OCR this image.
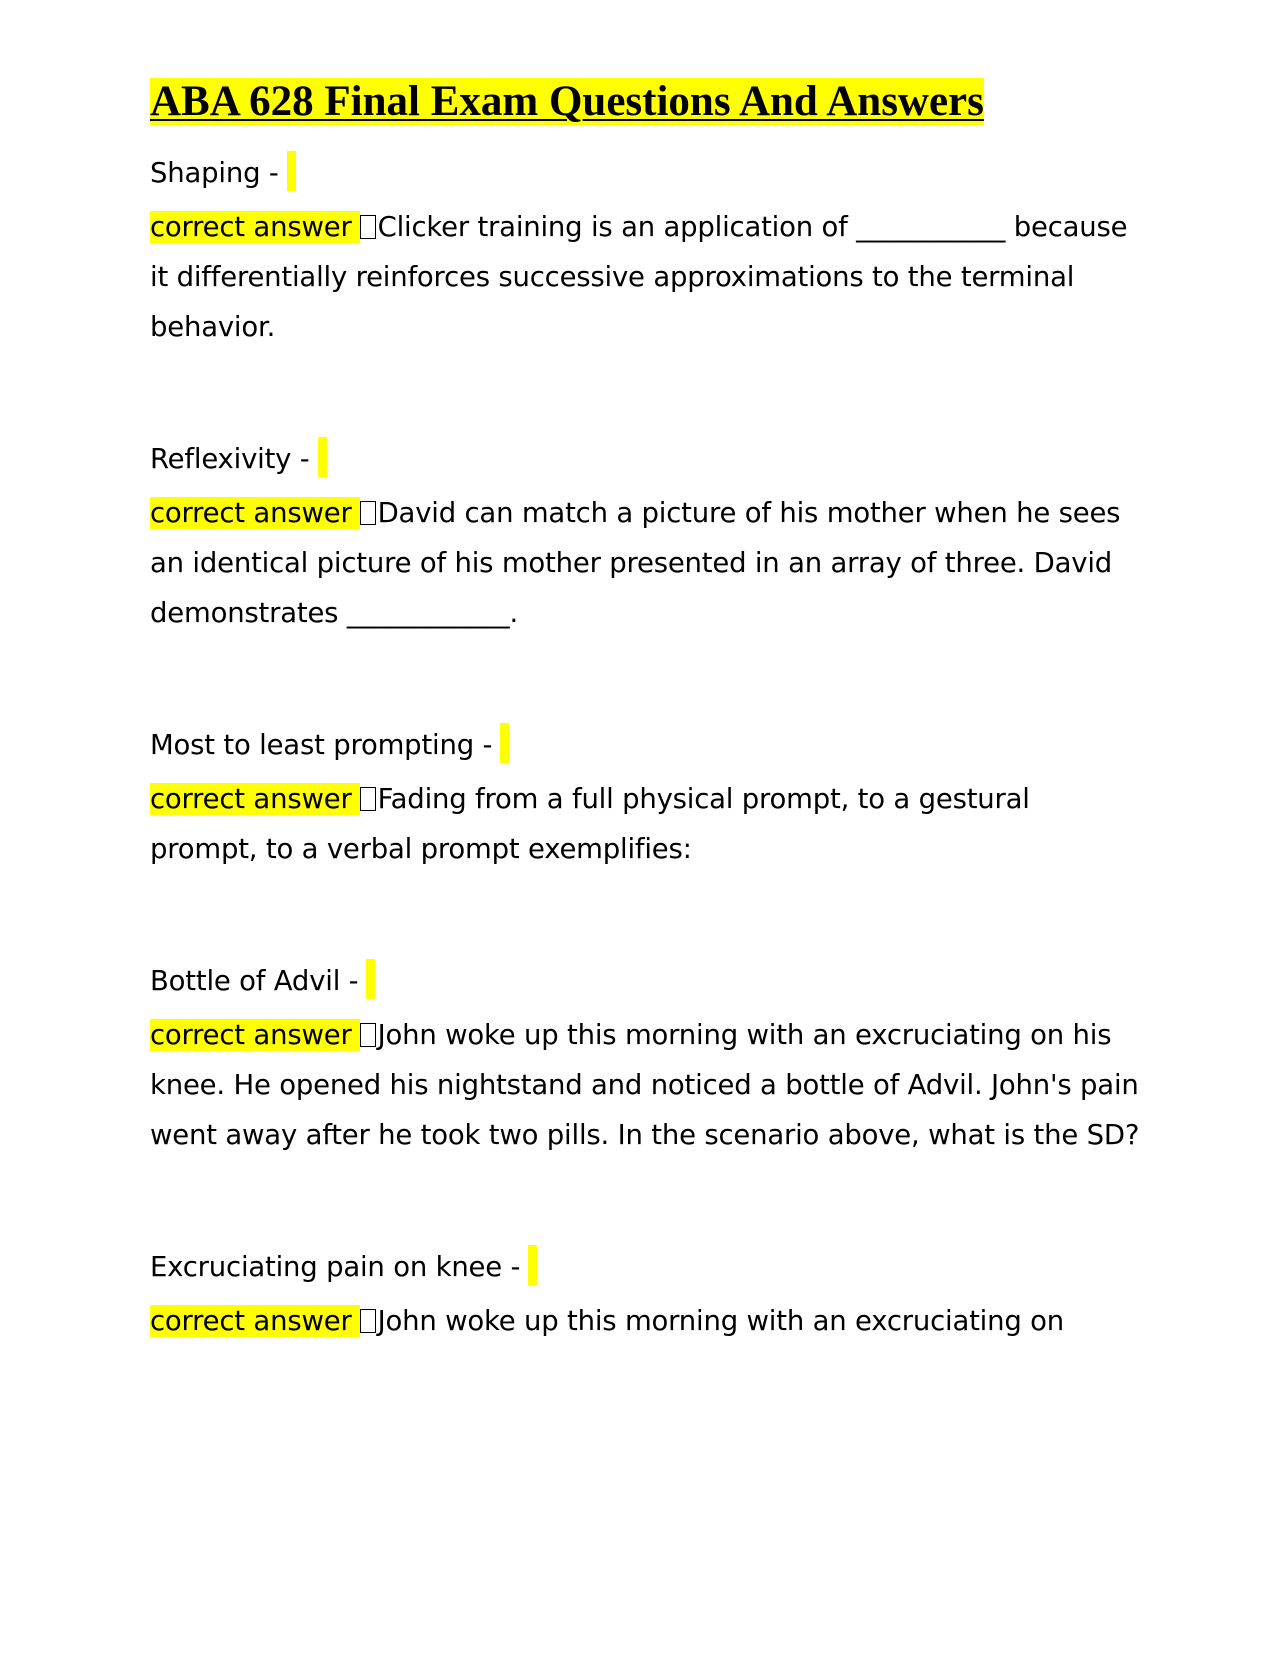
ABA 628 Final Exam Questions And Answers
Shaping -
correct answer Clicker training is an application of ___________ because it differentially reinforces successive approximations to the terminal behavior.
Reflexivity -
correct answer David can match a picture of his mother when he sees an identical picture of his mother presented in an array of three. David demonstrates ____________.
Most to least prompting -
correct answer Fading from a full physical prompt, to a gestural prompt, to a verbal prompt exemplifies:
Bottle of Advil -
correct answer John woke up this morning with an excruciating on his knee. He opened his nightstand and noticed a bottle of Advil. John's pain went away after he took two pills. In the scenario above, what is the SD?
Excruciating pain on knee -
correct answer John woke up this morning with an excruciating on
